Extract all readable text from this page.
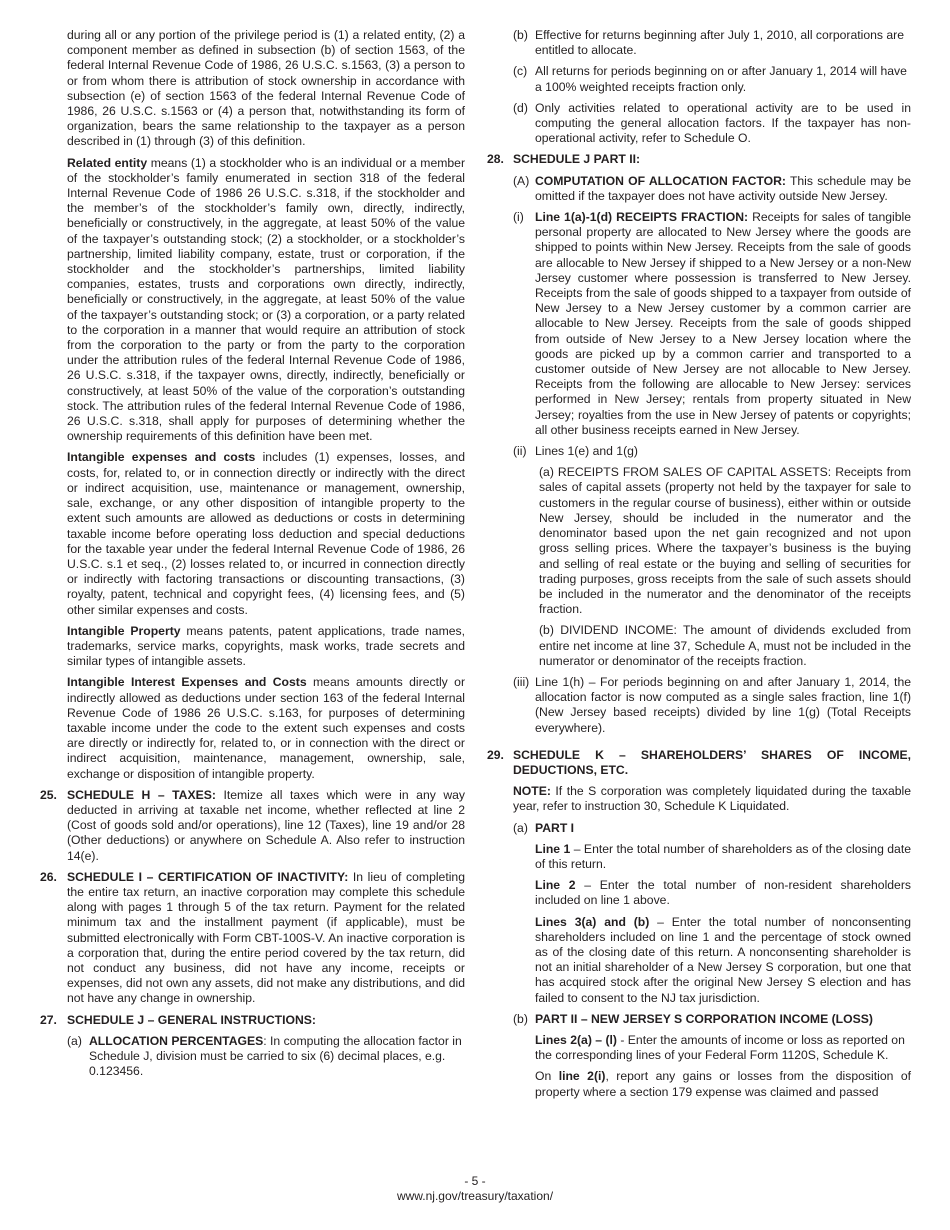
during all or any portion of the privilege period is (1) a related entity, (2) a component member as defined in subsection (b) of section 1563, of the federal Internal Revenue Code of 1986, 26 U.S.C. s.1563, (3) a person to or from whom there is attribution of stock ownership in accordance with subsection (e) of section 1563 of the federal Internal Revenue Code of 1986, 26 U.S.C. s.1563 or (4) a person that, notwithstanding its form of organization, bears the same relationship to the taxpayer as a person described in (1) through (3) of this definition.

Related entity means (1) a stockholder who is an individual or a member of the stockholder’s family enumerated in section 318 of the federal Internal Revenue Code of 1986 26 U.S.C. s.318, if the stockholder and the member’s of the stockholder’s family own, directly, indirectly, beneficially or constructively, in the aggregate, at least 50% of the value of the taxpayer’s outstanding stock; (2) a stockholder, or a stockholder’s partnership, limited liability company, estate, trust or corporation, if the stockholder and the stockholder’s partnerships, limited liability companies, estates, trusts and corporations own directly, indirectly, beneficially or constructively, in the aggregate, at least 50% of the value of the taxpayer’s outstanding stock; or (3) a corporation, or a party related to the corporation in a manner that would require an attribution of stock from the corporation to the party or from the party to the corporation under the attribution rules of the federal Internal Revenue Code of 1986, 26 U.S.C. s.318, if the taxpayer owns, directly, indirectly, beneficially or constructively, at least 50% of the value of the corporation’s outstanding stock. The attribution rules of the federal Internal Revenue Code of 1986, 26 U.S.C. s.318, shall apply for purposes of determining whether the ownership requirements of this definition have been met.

Intangible expenses and costs includes (1) expenses, losses, and costs, for, related to, or in connection directly or indirectly with the direct or indirect acquisition, use, maintenance or management, ownership, sale, exchange, or any other disposition of intangible property to the extent such amounts are allowed as deductions or costs in determining taxable income before operating loss deduction and special deductions for the taxable year under the federal Internal Revenue Code of 1986, 26 U.S.C. s.1 et seq., (2) losses related to, or incurred in connection directly or indirectly with factoring transactions or discounting transactions, (3) royalty, patent, technical and copyright fees, (4) licensing fees, and (5) other similar expenses and costs.

Intangible Property means patents, patent applications, trade names, trademarks, service marks, copyrights, mask works, trade secrets and similar types of intangible assets.

Intangible Interest Expenses and Costs means amounts directly or indirectly allowed as deductions under section 163 of the federal Internal Revenue Code of 1986 26 U.S.C. s.163, for purposes of determining taxable income under the code to the extent such expenses and costs are directly or indirectly for, related to, or in connection with the direct or indirect acquisition, maintenance, management, ownership, sale, exchange or disposition of intangible property.

25. SCHEDULE H – TAXES: Itemize all taxes which were in any way deducted in arriving at taxable net income, whether reflected at line 2 (Cost of goods sold and/or operations), line 12 (Taxes), line 19 and/or 28 (Other deductions) or anywhere on Schedule A. Also refer to instruction 14(e).

26. SCHEDULE I – CERTIFICATION OF INACTIVITY: In lieu of completing the entire tax return, an inactive corporation may complete this schedule along with pages 1 through 5 of the tax return. Payment for the related minimum tax and the installment payment (if applicable), must be submitted electronically with Form CBT-100S-V. An inactive corporation is a corporation that, during the entire period covered by the tax return, did not conduct any business, did not have any income, receipts or expenses, did not own any assets, did not make any distributions, and did not have any change in ownership.

27. SCHEDULE J – GENERAL INSTRUCTIONS:

(a) ALLOCATION PERCENTAGES: In computing the allocation factor in Schedule J, division must be carried to six (6) decimal places, e.g. 0.123456.
(b) Effective for returns beginning after July 1, 2010, all corporations are entitled to allocate.
(c) All returns for periods beginning on or after January 1, 2014 will have a 100% weighted receipts fraction only.
(d) Only activities related to operational activity are to be used in computing the general allocation factors. If the taxpayer has non-operational activity, refer to Schedule O.
28. SCHEDULE J PART II:

(A) COMPUTATION OF ALLOCATION FACTOR: This schedule may be omitted if the taxpayer does not have activity outside New Jersey.
(i) Line 1(a)-1(d) RECEIPTS FRACTION: Receipts for sales of tangible personal property are allocated to New Jersey where the goods are shipped to points within New Jersey. Receipts from the sale of goods are allocable to New Jersey if shipped to a New Jersey or a non-New Jersey customer where possession is transferred to New Jersey. Receipts from the sale of goods shipped to a taxpayer from outside of New Jersey to a New Jersey customer by a common carrier are allocable to New Jersey. Receipts from the sale of goods shipped from outside of New Jersey to a New Jersey location where the goods are picked up by a common carrier and transported to a customer outside of New Jersey are not allocable to New Jersey. Receipts from the following are allocable to New Jersey: services performed in New Jersey; rentals from property situated in New Jersey; royalties from the use in New Jersey of patents or copyrights; all other business receipts earned in New Jersey.
(ii) Lines 1(e) and 1(g)

(a) RECEIPTS FROM SALES OF CAPITAL ASSETS: Receipts from sales of capital assets (property not held by the taxpayer for sale to customers in the regular course of business), either within or outside New Jersey, should be included in the numerator and the denominator based upon the net gain recognized and not upon gross selling prices. Where the taxpayer’s business is the buying and selling of real estate or the buying and selling of securities for trading purposes, gross receipts from the sale of such assets should be included in the numerator and the denominator of the receipts fraction.

(b) DIVIDEND INCOME: The amount of dividends excluded from entire net income at line 37, Schedule A, must not be included in the numerator or denominator of the receipts fraction.

(iii) Line 1(h) – For periods beginning on and after January 1, 2014, the allocation factor is now computed as a single sales fraction, line 1(f) (New Jersey based receipts) divided by line 1(g) (Total Receipts everywhere).
29. SCHEDULE K – SHAREHOLDERS’ SHARES OF INCOME, DEDUCTIONS, ETC.

NOTE: If the S corporation was completely liquidated during the taxable year, refer to instruction 30, Schedule K Liquidated.

(a) PART I

Line 1 – Enter the total number of shareholders as of the closing date of this return.

Line 2 – Enter the total number of non-resident shareholders included on line 1 above.

Lines 3(a) and (b) – Enter the total number of nonconsenting shareholders included on line 1 and the percentage of stock owned as of the closing date of this return. A nonconsenting shareholder is not an initial shareholder of a New Jersey S corporation, but one that has acquired stock after the original New Jersey S election and has failed to consent to the NJ tax jurisdiction.

(b) PART II – NEW JERSEY S CORPORATION INCOME (LOSS)

Lines 2(a) – (l) - Enter the amounts of income or loss as reported on the corresponding lines of your Federal Form 1120S, Schedule K.

On line 2(i), report any gains or losses from the disposition of property where a section 179 expense was claimed and passed

- 5 -
www.nj.gov/treasury/taxation/
